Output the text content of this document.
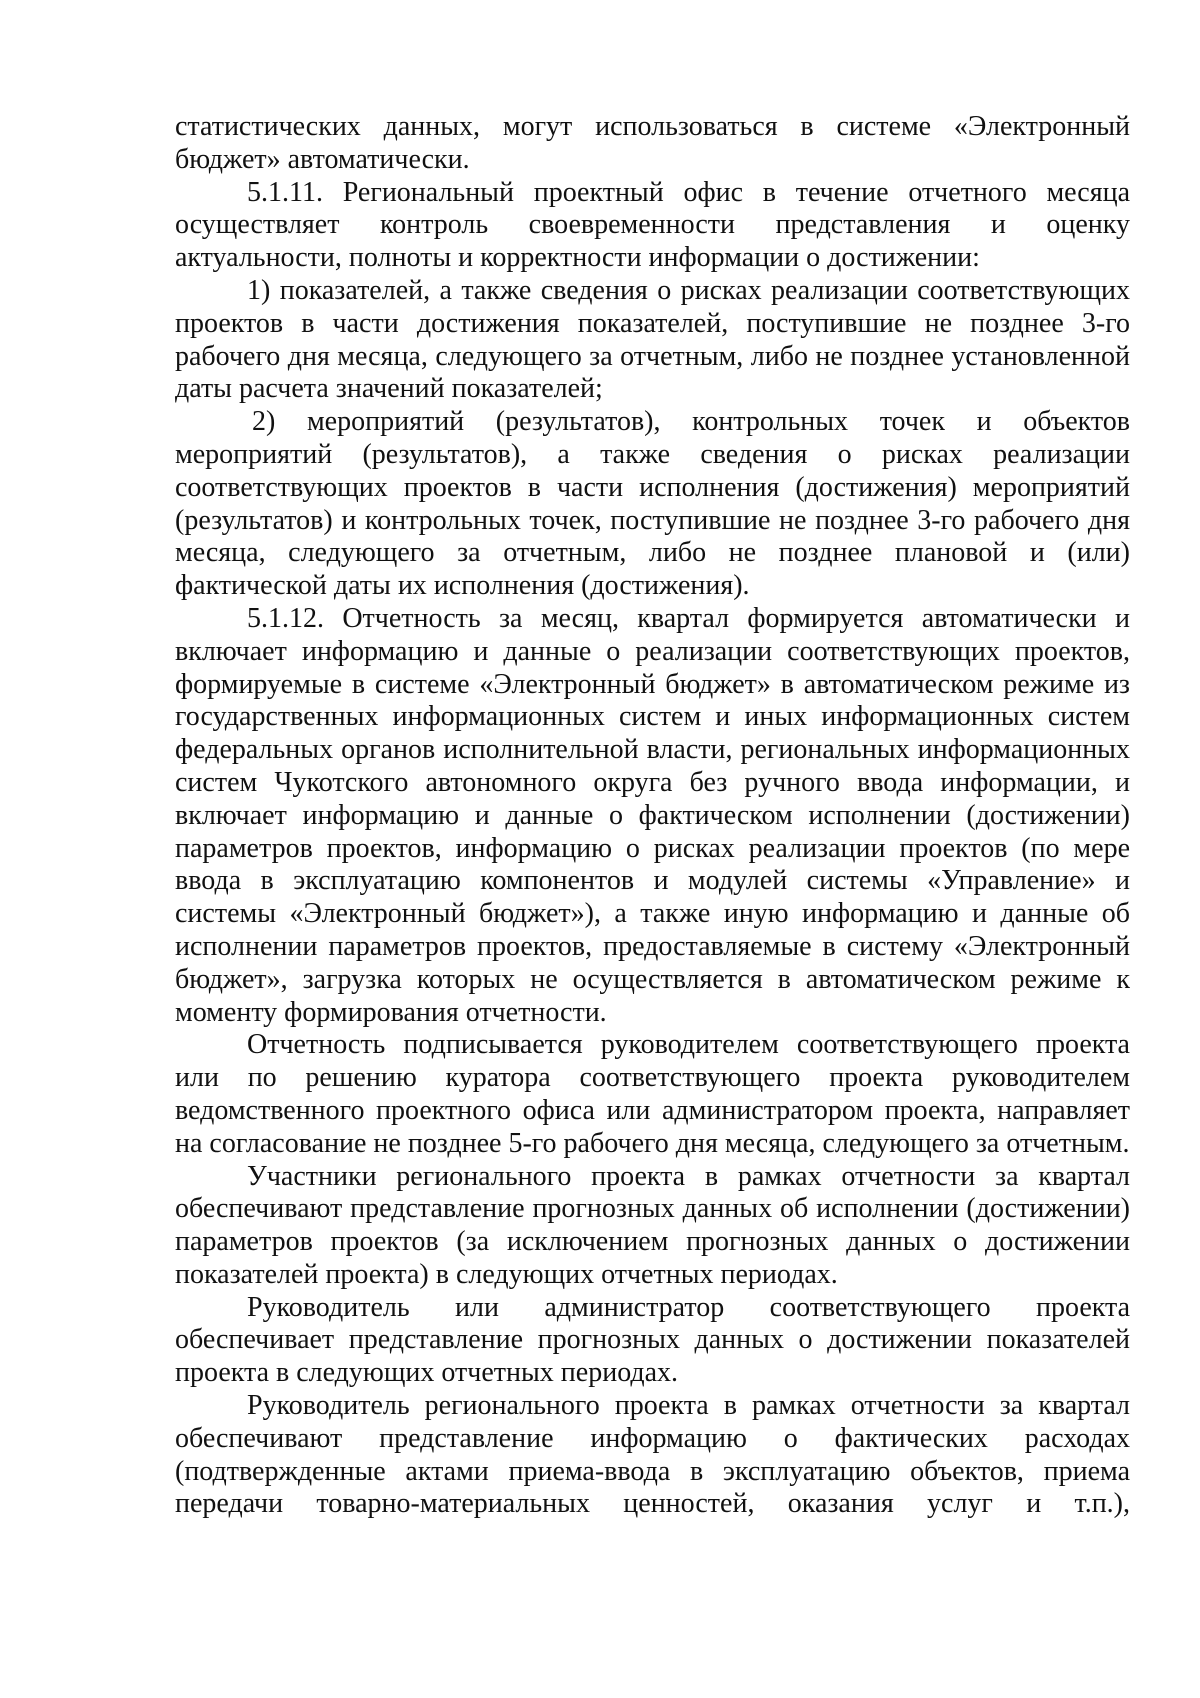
статистических данных, могут использоваться в системе «Электронный бюджет» автоматически.

5.1.11. Региональный проектный офис в течение отчетного месяца осуществляет контроль своевременности представления и оценку актуальности, полноты и корректности информации о достижении:

1) показателей, а также сведения о рисках реализации соответствующих проектов в части достижения показателей, поступившие не позднее 3-го рабочего дня месяца, следующего за отчетным, либо не позднее установленной даты расчета значений показателей;

2) мероприятий (результатов), контрольных точек и объектов мероприятий (результатов), а также сведения о рисках реализации соответствующих проектов в части исполнения (достижения) мероприятий (результатов) и контрольных точек, поступившие не позднее 3-го рабочего дня месяца, следующего за отчетным, либо не позднее плановой и (или) фактической даты их исполнения (достижения).

5.1.12. Отчетность за месяц, квартал формируется автоматически и включает информацию и данные о реализации соответствующих проектов, формируемые в системе «Электронный бюджет» в автоматическом режиме из государственных информационных систем и иных информационных систем федеральных органов исполнительной власти, региональных информационных систем Чукотского автономного округа без ручного ввода информации, и включает информацию и данные о фактическом исполнении (достижении) параметров проектов, информацию о рисках реализации проектов (по мере ввода в эксплуатацию компонентов и модулей системы «Управление» и системы «Электронный бюджет»), а также иную информацию и данные об исполнении параметров проектов, предоставляемые в систему «Электронный бюджет», загрузка которых не осуществляется в автоматическом режиме к моменту формирования отчетности.

Отчетность подписывается руководителем соответствующего проекта или по решению куратора соответствующего проекта руководителем ведомственного проектного офиса или администратором проекта, направляет на согласование не позднее 5-го рабочего дня месяца, следующего за отчетным.

Участники регионального проекта в рамках отчетности за квартал обеспечивают представление прогнозных данных об исполнении (достижении) параметров проектов (за исключением прогнозных данных о достижении показателей проекта) в следующих отчетных периодах.

Руководитель или администратор соответствующего проекта обеспечивает представление прогнозных данных о достижении показателей проекта в следующих отчетных периодах.

Руководитель регионального проекта в рамках отчетности за квартал обеспечивают представление информацию о фактических расходах (подтвержденные актами приема-ввода в эксплуатацию объектов, приема передачи товарно-материальных ценностей, оказания услуг и т.п.),
